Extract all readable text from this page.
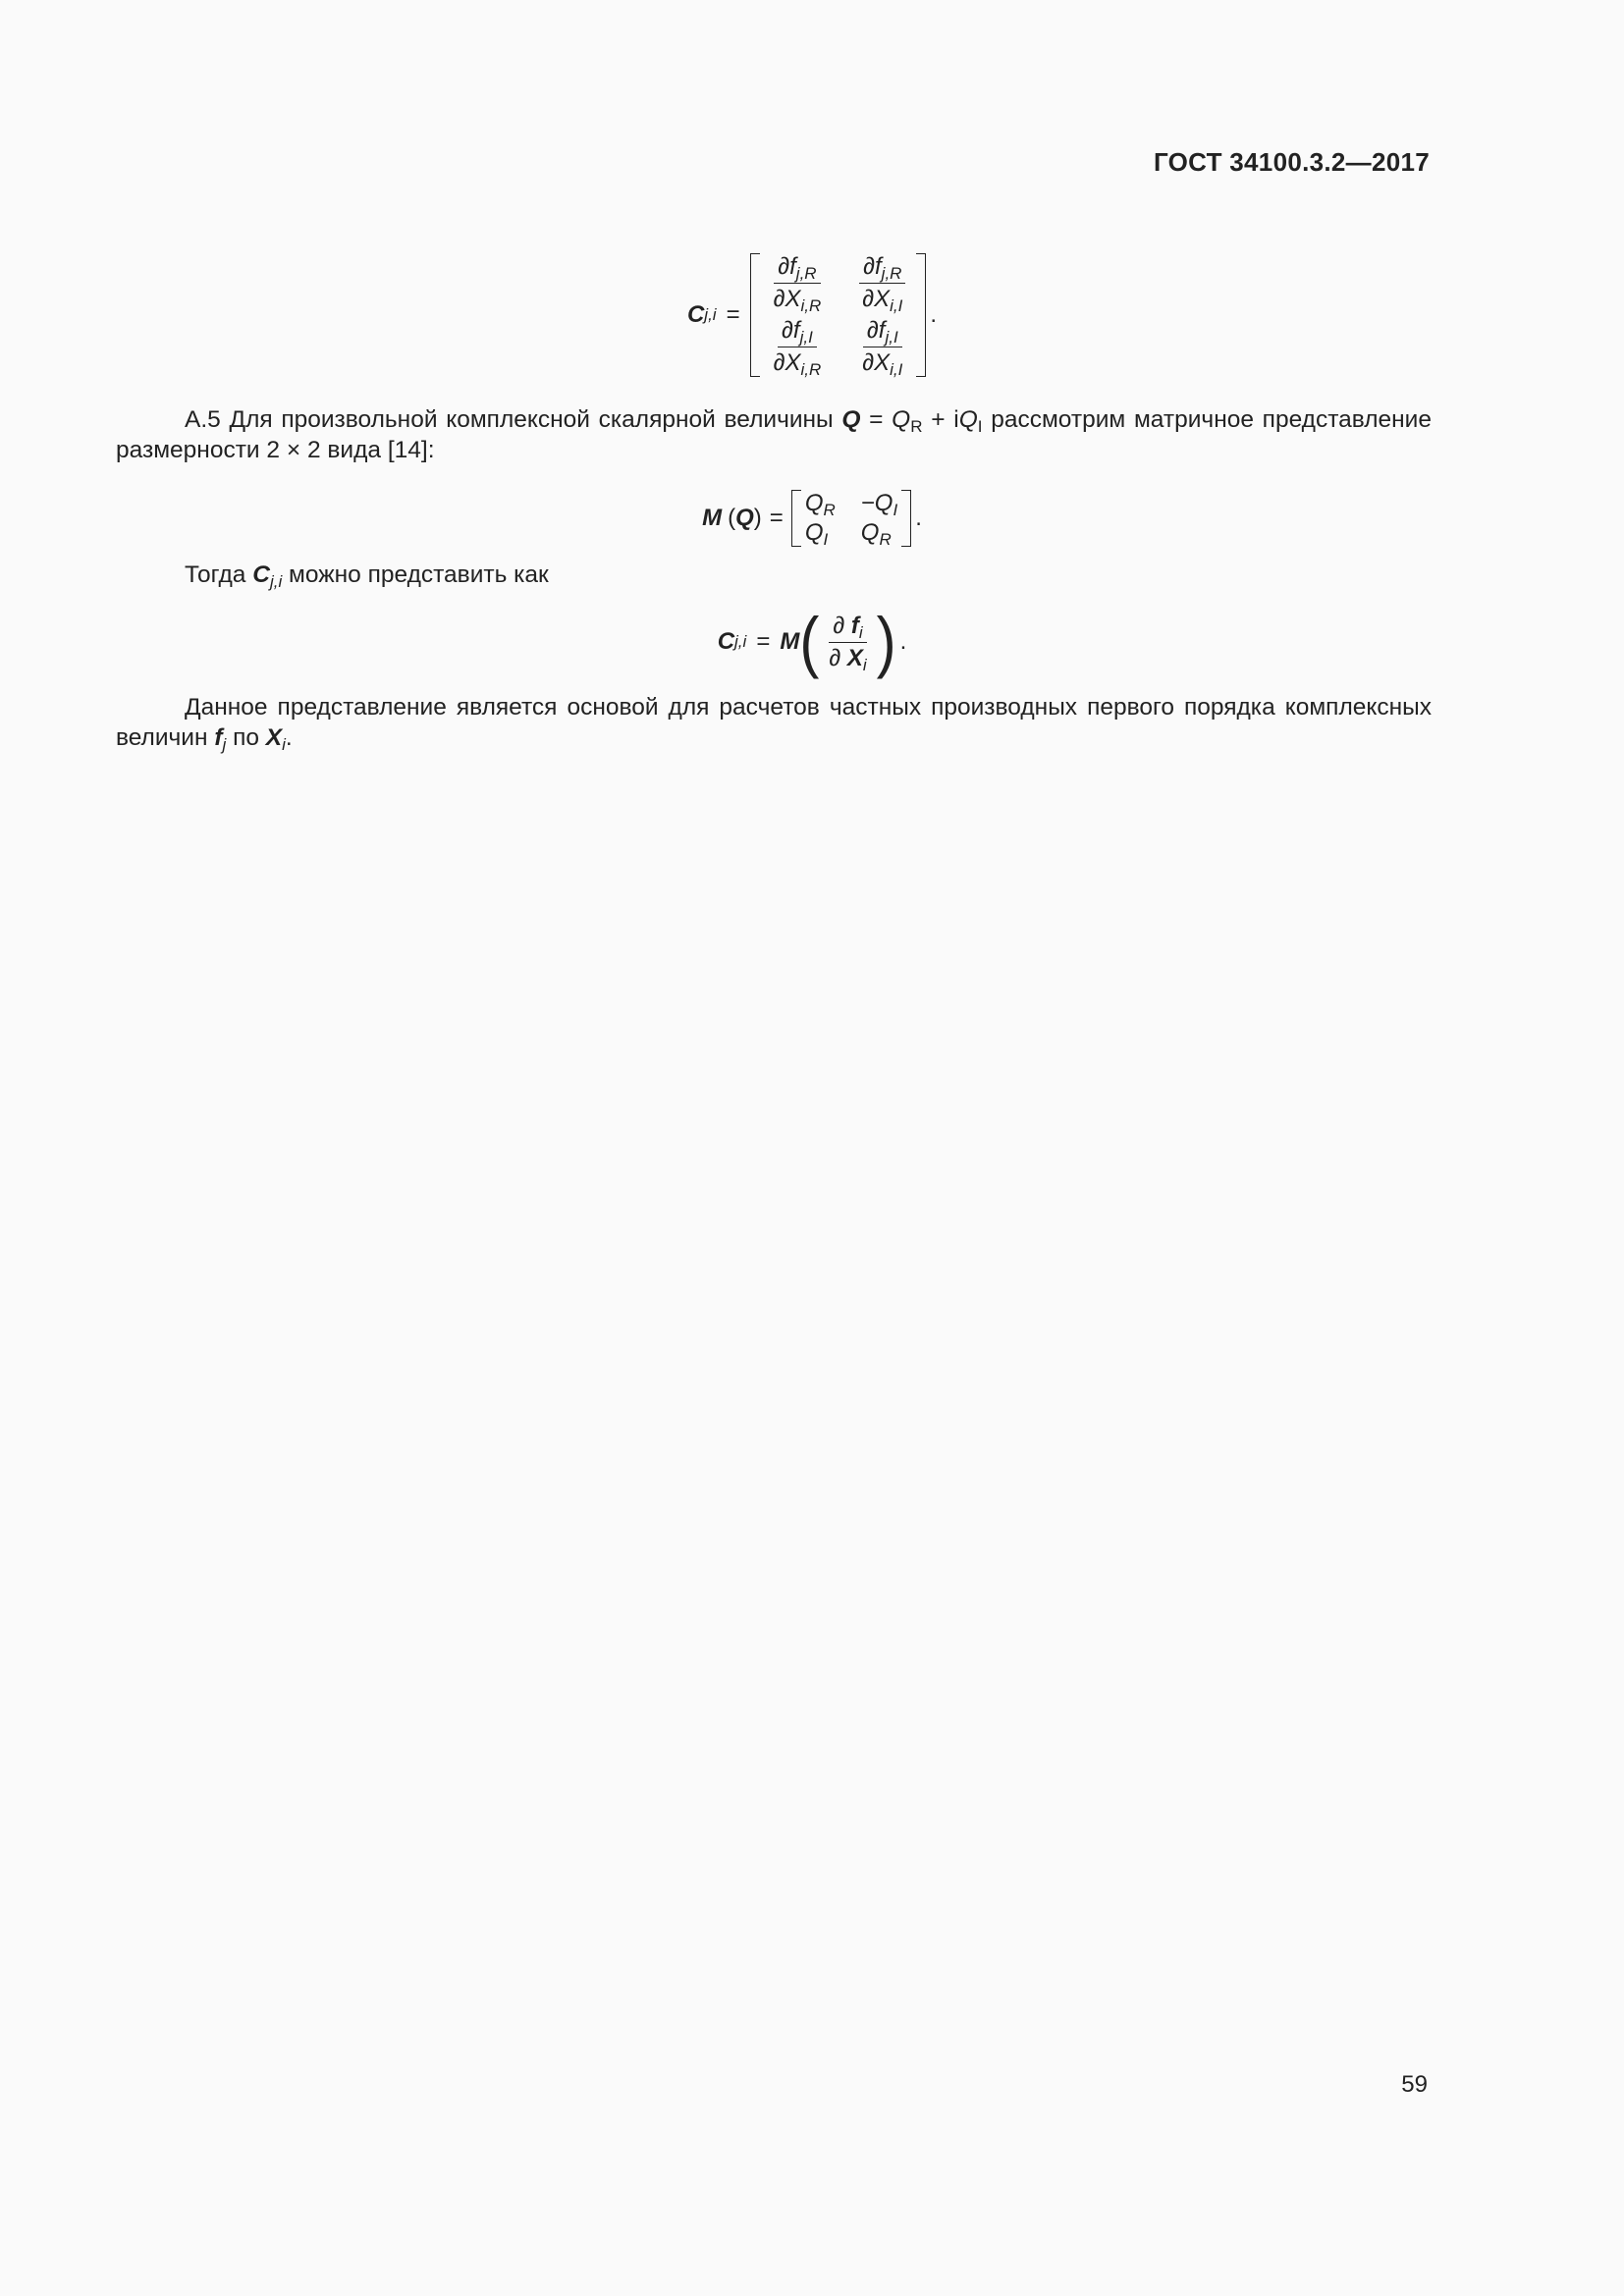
ГОСТ 34100.3.2—2017
C j,i =
$\frac{\partial f_{j,R}}{\partial X_{i,R}} \frac{\partial f_{j,R}}{\partial X_{i,I}}$
$\frac{\partial f_{j,I}}{\partial X_{i,R}} \frac{\partial f_{j,I}}{\partial X_{i,I}}$
.
А.5 Для произвольной комплексной скалярной величины $Q = Q_R + iQ_I$ рассмотрим матричное представление размерности 2 × 2 вида [14]:
M ( Q ) =
$Q_R -Q_I$
$Q_I$	$Q_R$
.
Тогда $C_{j,i}$ можно представить как
C j,i = M ( $\frac{\partial f_i}{\partial X_i}$ ) .
Данное представление является основой для расчетов частных производных первого порядка комплексных величин $f_j$ по $X_i$.
59
